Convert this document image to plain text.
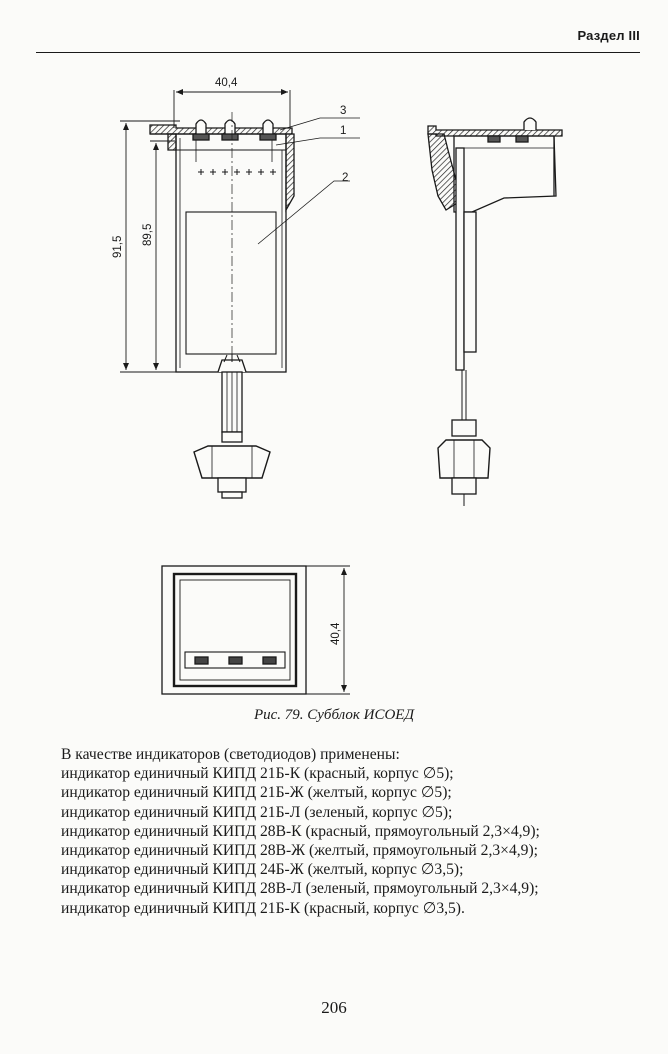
Раздел III
40,4
91,5
89,5
3
1
2
40,4
Рис. 79. Субблок ИСОЕД

В качестве индикаторов (светодиодов) применены:

индикатор единичный КИПД 21Б-К (красный, корпус ∅5);

индикатор единичный КИПД 21Б-Ж (желтый, корпус ∅5);

индикатор единичный КИПД 21Б-Л (зеленый, корпус ∅5);

индикатор единичный КИПД 28В-К (красный, прямоугольный 2,3×4,9);

индикатор единичный КИПД 28В-Ж (желтый, прямоугольный 2,3×4,9);

индикатор единичный КИПД 24Б-Ж (желтый, корпус ∅3,5);

индикатор единичный КИПД 28В-Л (зеленый, прямоугольный 2,3×4,9);

индикатор единичный КИПД 21Б-К (красный, корпус ∅3,5).

206
